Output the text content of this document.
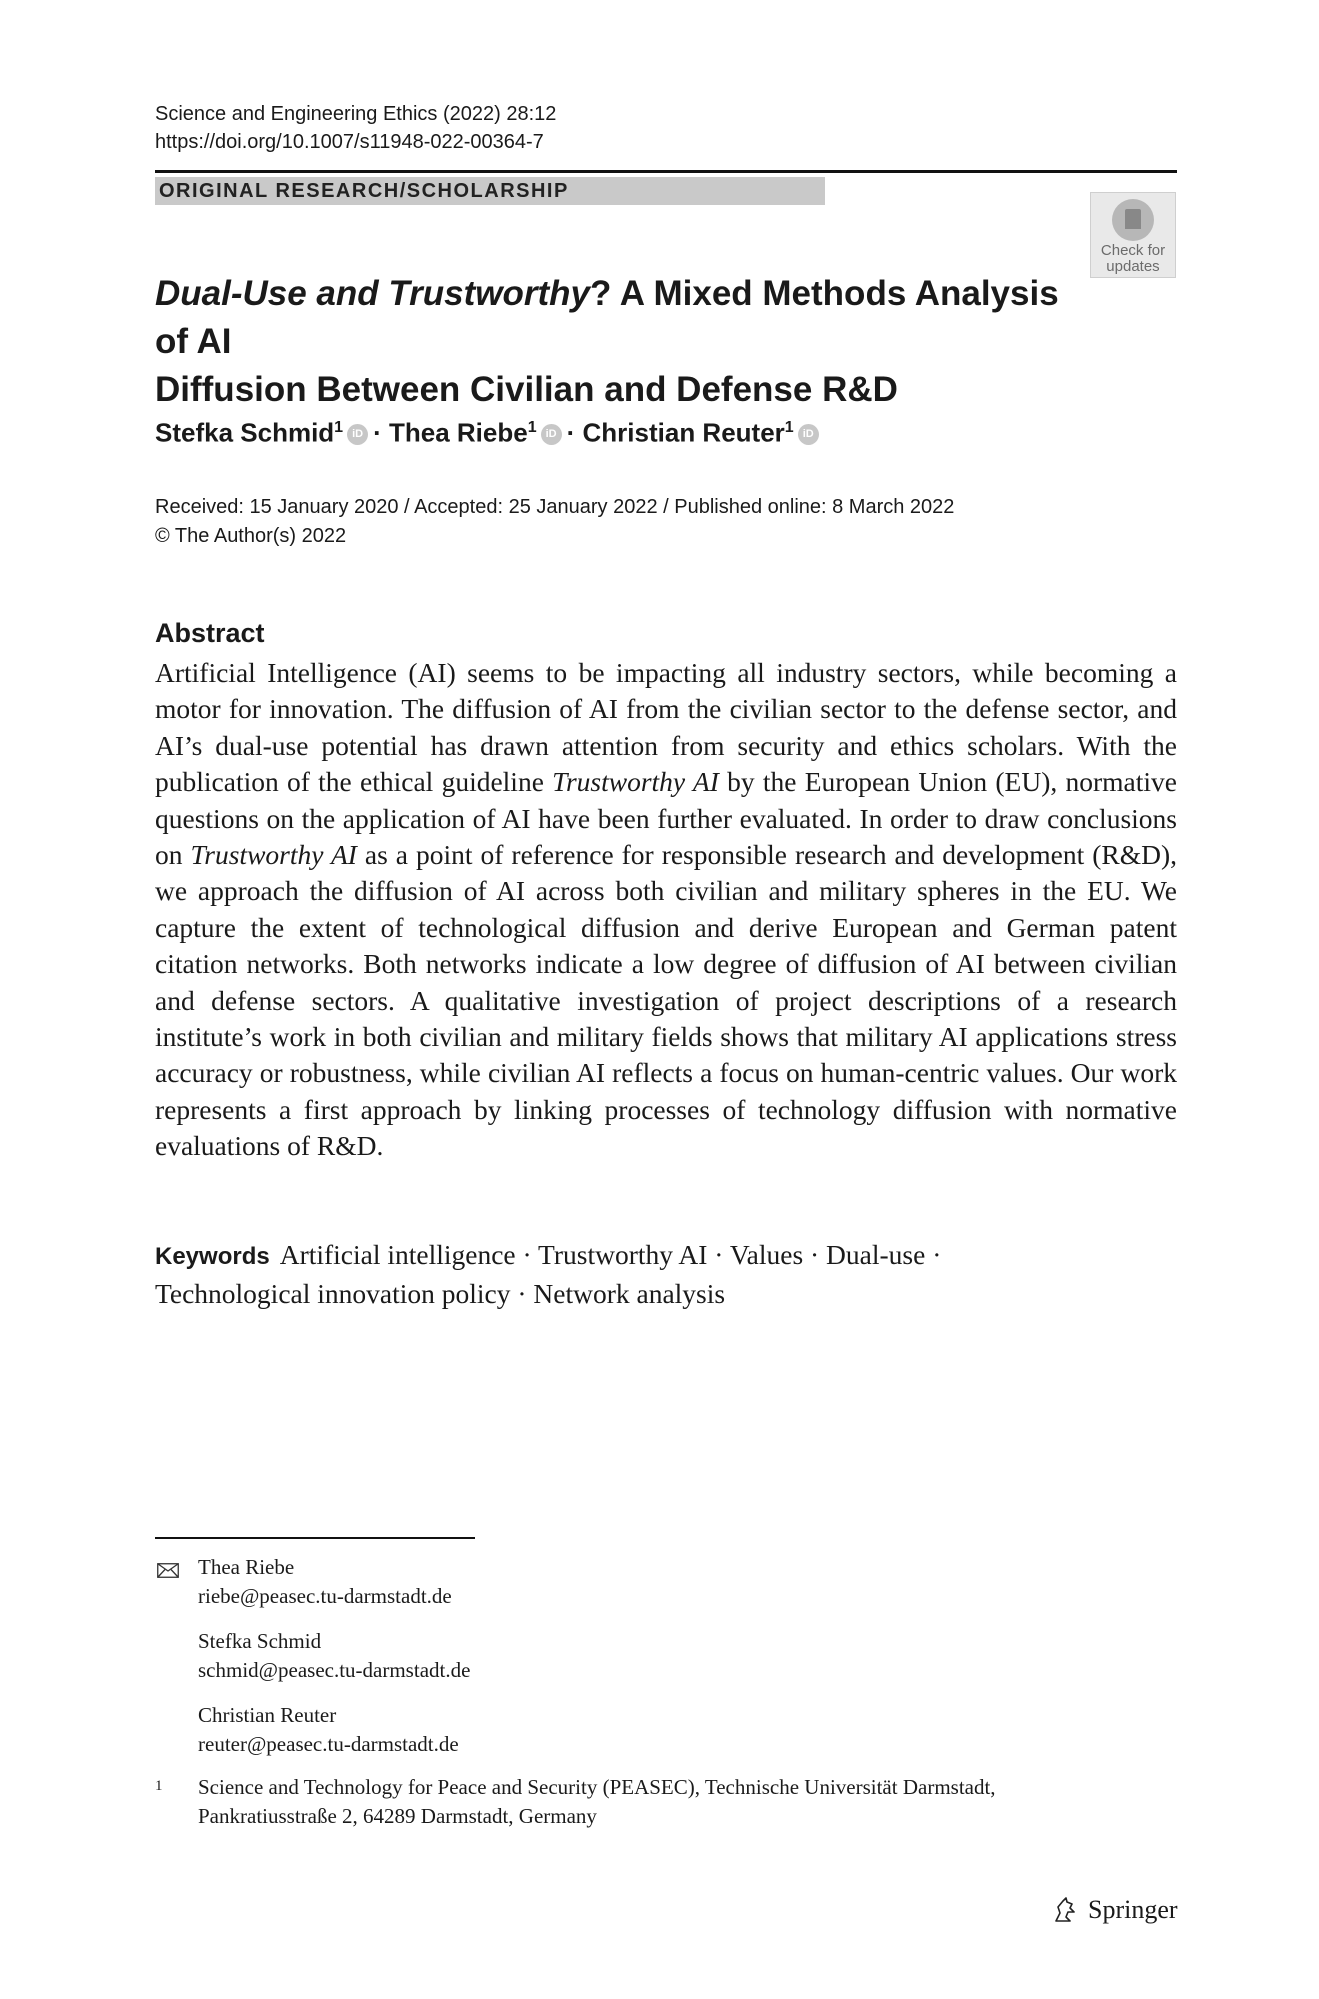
Science and Engineering Ethics (2022) 28:12
https://doi.org/10.1007/s11948-022-00364-7
ORIGINAL RESEARCH/SCHOLARSHIP
Check for
updates
Dual-Use and Trustworthy? A Mixed Methods Analysis of AI
Diffusion Between Civilian and Defense R&D
Stefka Schmid$^1$ iD · Thea Riebe$^1$ iD · Christian Reuter$^1$ iD
Received: 15 January 2020 / Accepted: 25 January 2022 / Published online: 8 March 2022
© The Author(s) 2022
Abstract
Artificial Intelligence (AI) seems to be impacting all industry sectors, while becoming a motor for innovation. The diffusion of AI from the civilian sector to the defense sector, and AI’s dual-use potential has drawn attention from security and ethics scholars. With the publication of the ethical guideline Trustworthy AI by the European Union (EU), normative questions on the application of AI have been further evaluated. In order to draw conclusions on Trustworthy AI as a point of reference for responsible research and development (R&D), we approach the diffusion of AI across both civilian and military spheres in the EU. We capture the extent of technological diffusion and derive European and German patent citation networks. Both networks indicate a low degree of diffusion of AI between civilian and defense sectors. A qualitative investigation of project descriptions of a research institute’s work in both civilian and military fields shows that military AI applications stress accuracy or robustness, while civilian AI reflects a focus on human-centric values. Our work represents a first approach by linking processes of technology diffusion with normative evaluations of R&D.
Keywords Artificial intelligence · Trustworthy AI · Values · Dual-use ·
Technological innovation policy · Network analysis
Thea Riebe
riebe@peasec.tu-darmstadt.de
Stefka Schmid
schmid@peasec.tu-darmstadt.de
Christian Reuter
reuter@peasec.tu-darmstadt.de
1 Science and Technology for Peace and Security (PEASEC), Technische Universität Darmstadt,
Pankratiusstraße 2, 64289 Darmstadt, Germany
Springer
